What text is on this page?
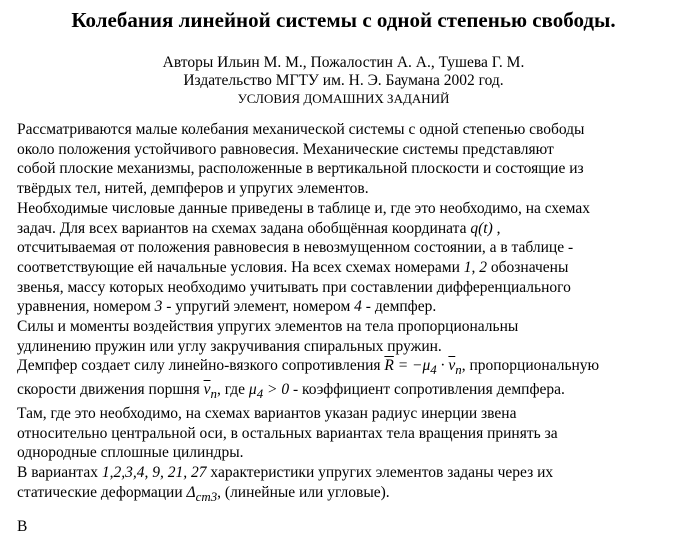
Колебания линейной системы с одной степенью свободы.
Авторы Ильин М. М., Пожалостин А. А., Тушева Г. М.
Издательство МГТУ им. Н. Э. Баумана 2002 год.
УСЛОВИЯ ДОМАШНИХ ЗАДАНИЙ

Рассматриваются малые колебания механической системы с одной степенью свободы
около положения устойчивого равновесия. Механические системы представляют
собой плоские механизмы, расположенные в вертикальной плоскости и состоящие из
твёрдых тел, нитей, демпферов и упругих элементов.

Необходимые числовые данные приведены в таблице и, где это необходимо, на схемах
задач. Для всех вариантов на схемах задана обобщённая координата q(t) ,
отсчитываемая от положения равновесия в невозмущенном состоянии, а в таблице -
соответствующие ей начальные условия. На всех схемах номерами 1, 2 обозначены
звенья, массу которых необходимо учитывать при составлении дифференциального
уравнения, номером 3 - упругий элемент, номером 4 - демпфер.

Силы и моменты воздействия упругих элементов на тела пропорциональны
удлинению пружин или углу закручивания спиральных пружин.

Демпфер создает силу линейно-вязкого сопротивления $\overline{R} = -\mu_4 \cdot \overline{v}_п$, пропорциональную
скорости движения поршня $\overline{v}_п$, где $\mu_4 > 0$ - коэффициент сопротивления демпфера.

Там, где это необходимо, на схемах вариантов указан радиус инерции звена
относительно центральной оси, в остальных вариантах тела вращения принять за
однородные сплошные цилиндры.

В вариантах 1,2,3,4, 9, 21, 27 характеристики упругих элементов заданы через их
статические деформации $\Delta_{ст3}$, (линейные или угловые).

В
